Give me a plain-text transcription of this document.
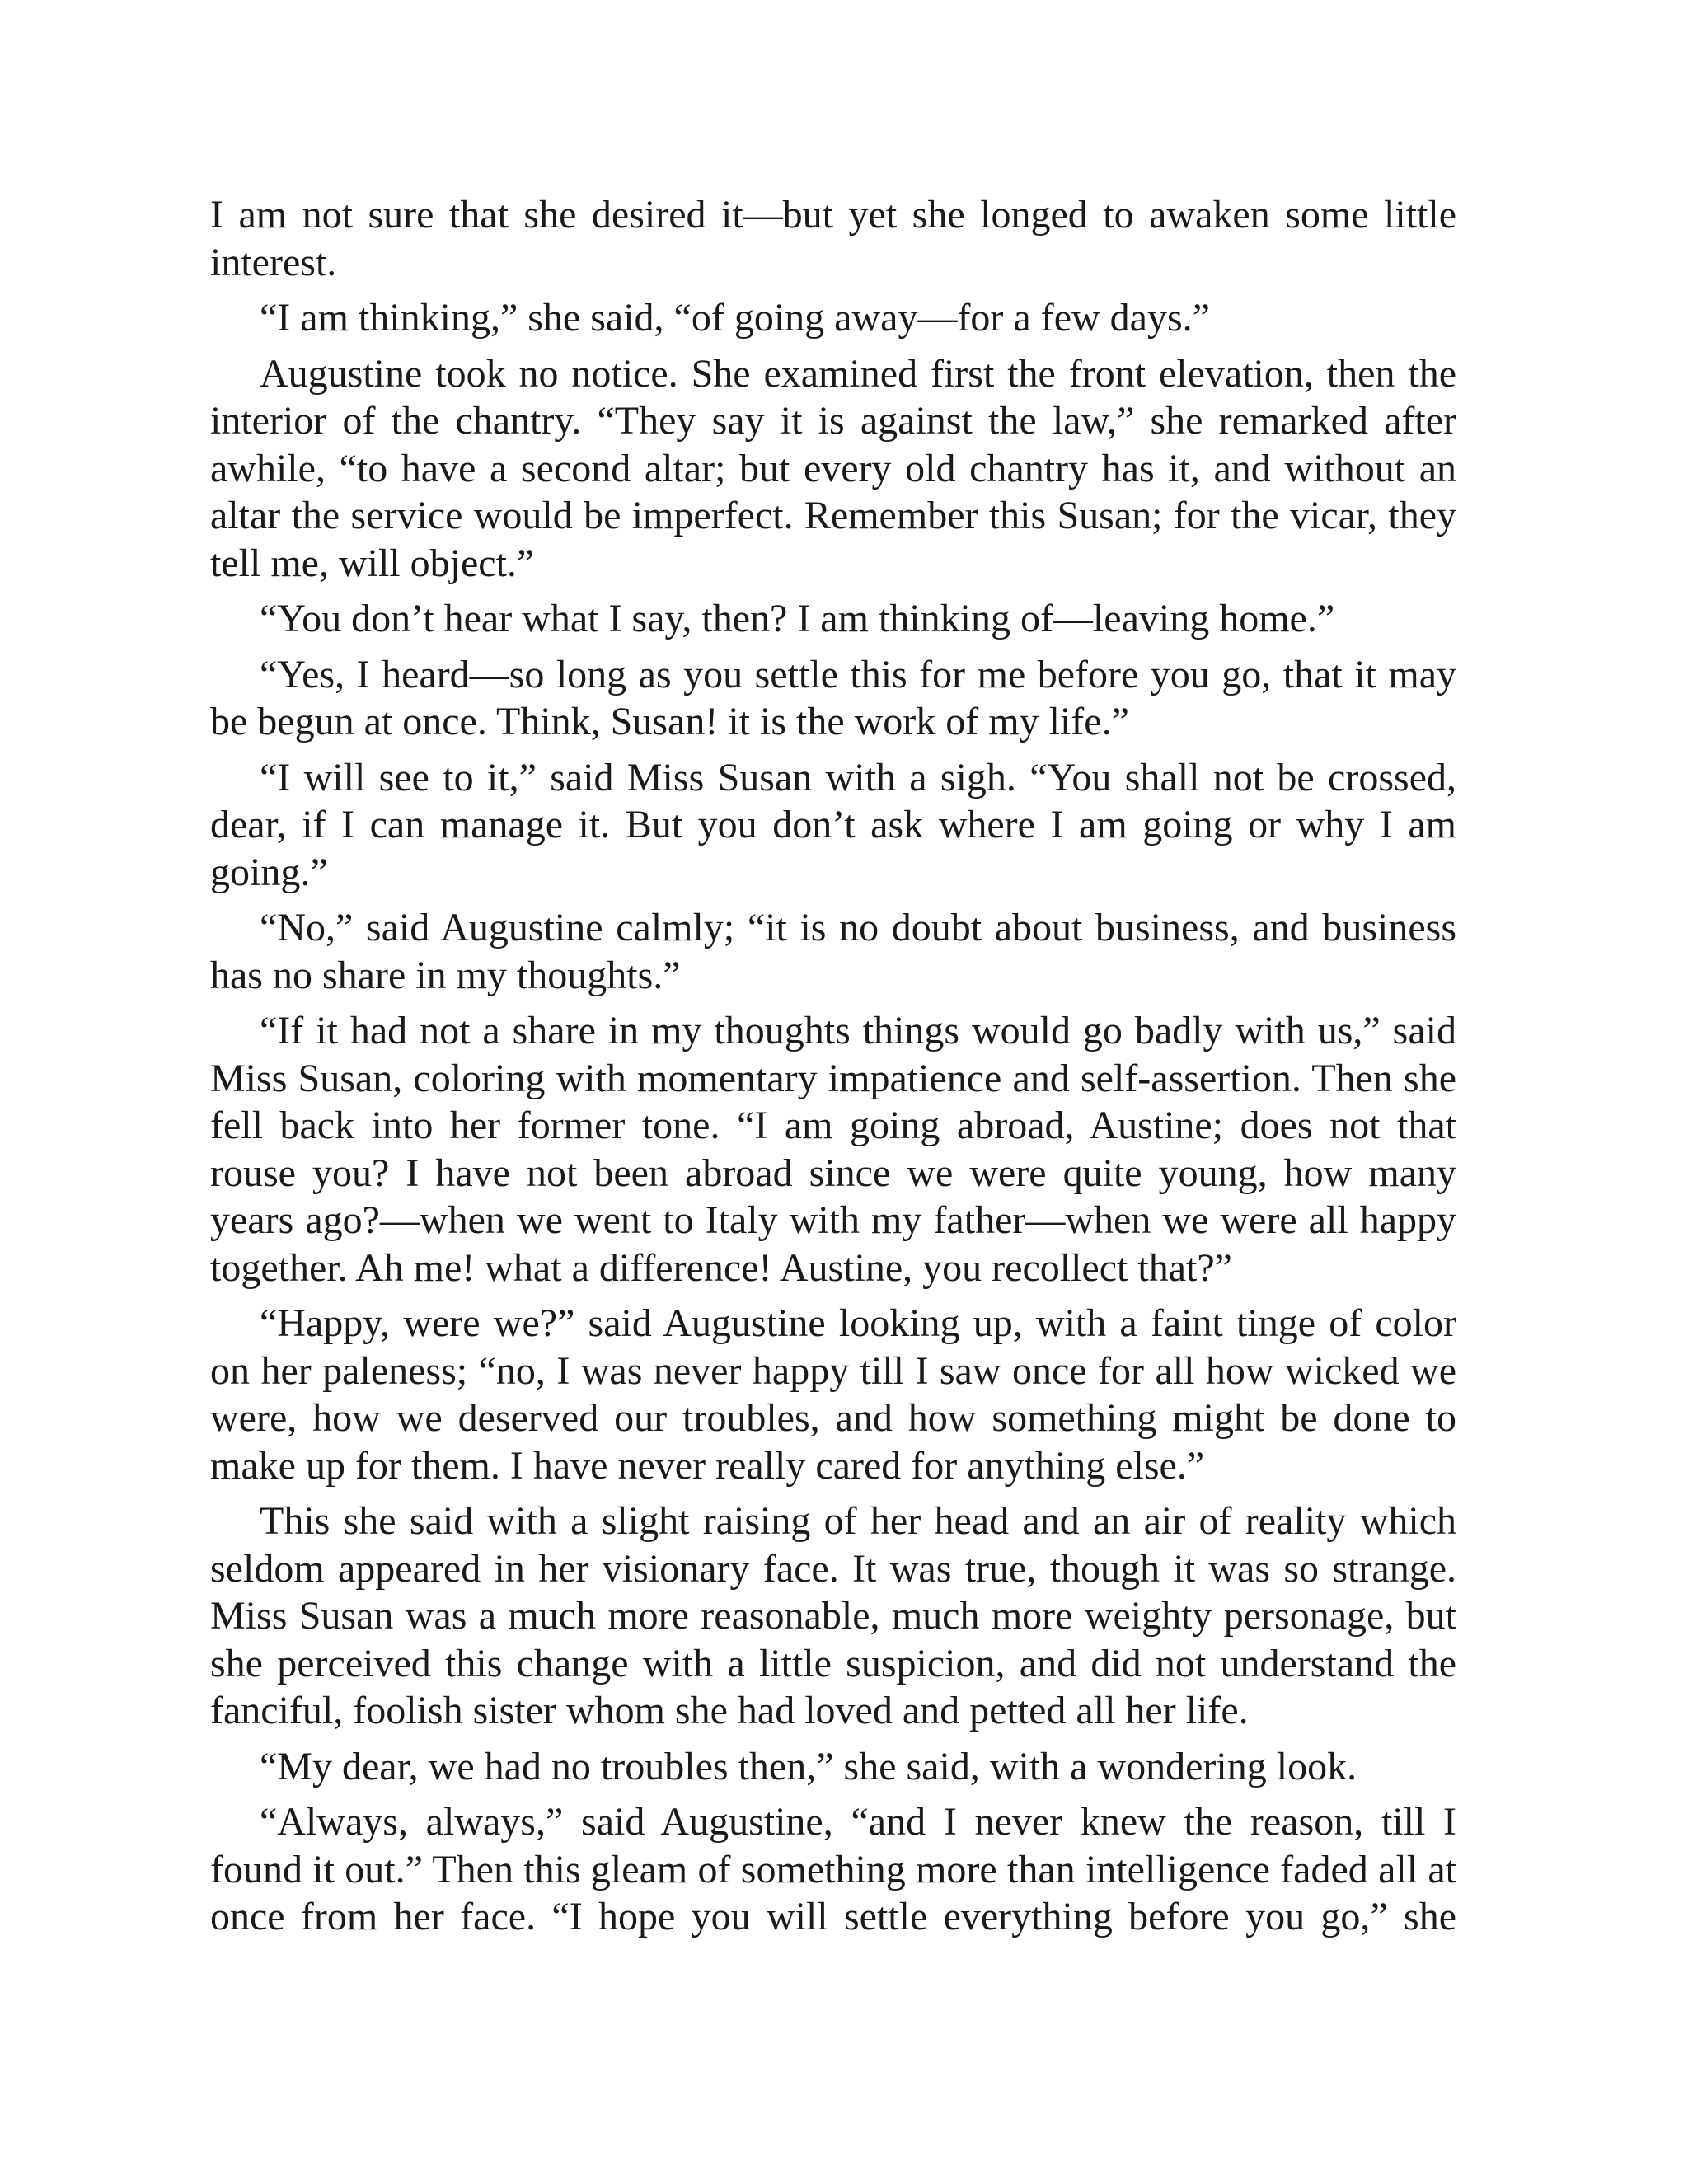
I am not sure that she desired it—but yet she longed to awaken some little interest.

“I am thinking,” she said, “of going away—for a few days.”

Augustine took no notice. She examined first the front elevation, then the interior of the chantry. “They say it is against the law,” she remarked after awhile, “to have a second altar; but every old chantry has it, and without an altar the service would be imperfect. Remember this Susan; for the vicar, they tell me, will object.”

“You don’t hear what I say, then? I am thinking of—leaving home.”

“Yes, I heard—so long as you settle this for me before you go, that it may be begun at once. Think, Susan! it is the work of my life.”

“I will see to it,” said Miss Susan with a sigh. “You shall not be crossed, dear, if I can manage it. But you don’t ask where I am going or why I am going.”

“No,” said Augustine calmly; “it is no doubt about business, and business has no share in my thoughts.”

“If it had not a share in my thoughts things would go badly with us,” said Miss Susan, coloring with momentary impatience and self-assertion. Then she fell back into her former tone. “I am going abroad, Austine; does not that rouse you? I have not been abroad since we were quite young, how many years ago?—when we went to Italy with my father—when we were all happy together. Ah me! what a difference! Austine, you recollect that?”

“Happy, were we?” said Augustine looking up, with a faint tinge of color on her paleness; “no, I was never happy till I saw once for all how wicked we were, how we deserved our troubles, and how something might be done to make up for them. I have never really cared for anything else.”

This she said with a slight raising of her head and an air of reality which seldom appeared in her visionary face. It was true, though it was so strange. Miss Susan was a much more reasonable, much more weighty personage, but she perceived this change with a little suspicion, and did not understand the fanciful, foolish sister whom she had loved and petted all her life.

“My dear, we had no troubles then,” she said, with a wondering look.

“Always, always,” said Augustine, “and I never knew the reason, till I found it out.” Then this gleam of something more than intelligence faded all at once from her face. “I hope you will settle everything before you go,” she
